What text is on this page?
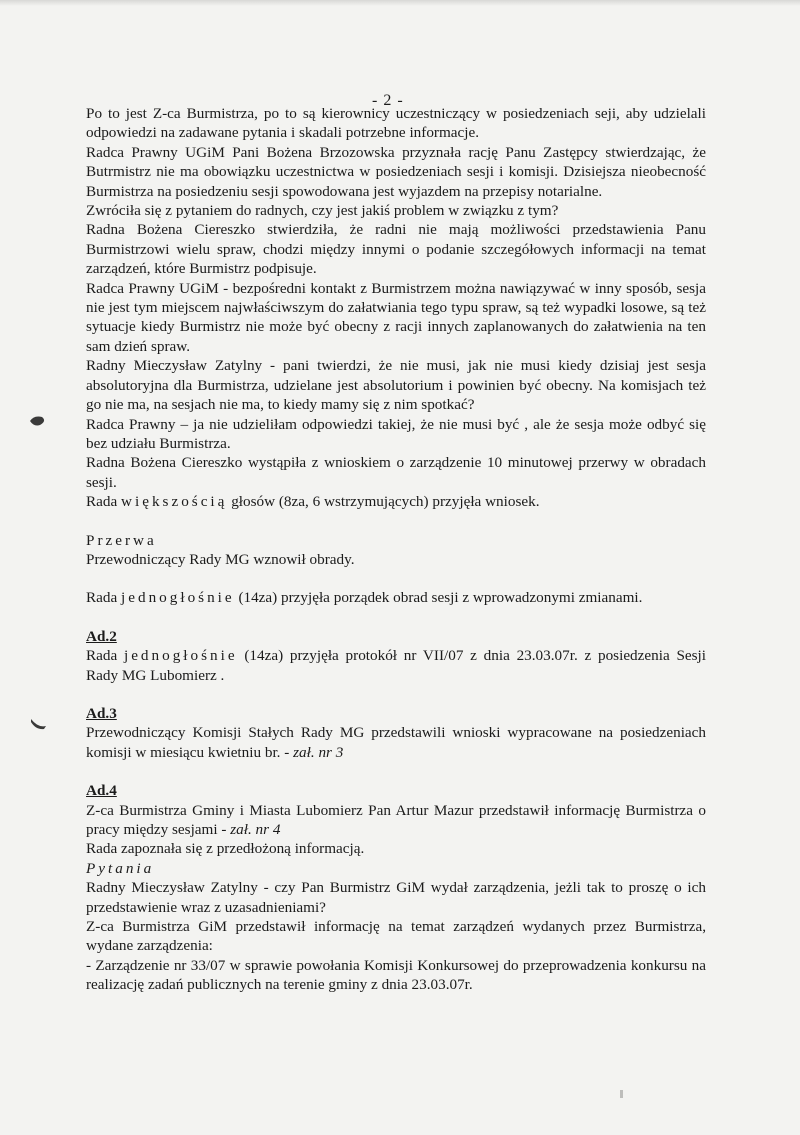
- 2 -

Po to jest Z-ca Burmistrza, po to są kierownicy uczestniczący w posiedzeniach seji, aby udzielali odpowiedzi na zadawane pytania i skadali potrzebne informacje.

Radca Prawny UGiM Pani Bożena Brzozowska przyznała rację Panu Zastępcy stwierdzając, że Butrmistrz nie ma obowiązku uczestnictwa w posiedzeniach sesji i komisji. Dzisiejsza nieobecność Burmistrza na posiedzeniu sesji spowodowana jest wyjazdem na przepisy notarialne.

Zwróciła się z pytaniem do radnych, czy jest jakiś problem w związku z tym?

Radna Bożena Ciereszko stwierdziła, że radni nie mają możliwości przedstawienia Panu Burmistrzowi wielu spraw, chodzi między innymi o podanie szczegółowych informacji na temat zarządzeń, które Burmistrz podpisuje.

Radca Prawny UGiM - bezpośredni kontakt z Burmistrzem można nawiązywać w inny sposób, sesja nie jest tym miejscem najwłaściwszym do załatwiania tego typu spraw, są też wypadki losowe, są też sytuacje kiedy Burmistrz nie może być obecny z racji innych zaplanowanych do załatwienia na ten sam dzień spraw.

Radny Mieczysław Zatylny - pani twierdzi, że nie musi, jak nie musi kiedy dzisiaj jest sesja absolutoryjna dla Burmistrza, udzielane jest absolutorium i powinien być obecny. Na komisjach też go nie ma, na sesjach nie ma, to kiedy mamy się z nim spotkać?

Radca Prawny – ja nie udzieliłam odpowiedzi takiej, że nie musi być , ale że sesja może odbyć się bez udziału Burmistrza.

Radna Bożena Ciereszko wystąpiła z wnioskiem o zarządzenie 10 minutowej przerwy w obradach sesji.

Rada większością głosów (8za, 6 wstrzymujących) przyjęła wniosek.

Przerwa

Przewodniczący Rady MG wznowił obrady.

Rada jednogłośnie (14za) przyjęła porządek obrad sesji z wprowadzonymi zmianami.

Ad.2

Rada jednogłośnie (14za) przyjęła protokół nr VII/07 z dnia 23.03.07r. z posiedzenia Sesji Rady MG Lubomierz .

Ad.3

Przewodniczący Komisji Stałych Rady MG przedstawili wnioski wypracowane na posiedzeniach komisji w miesiącu kwietniu br. - zał. nr 3

Ad.4

Z-ca Burmistrza Gminy i Miasta Lubomierz Pan Artur Mazur przedstawił informację Burmistrza o pracy między sesjami - zał. nr 4

Rada zapoznała się z przedłożoną informacją.

Pytania

Radny Mieczysław Zatylny - czy Pan Burmistrz GiM wydał zarządzenia, jeżli tak to proszę o ich przedstawienie wraz z uzasadnieniami?

Z-ca Burmistrza GiM przedstawił informację na temat zarządzeń wydanych przez Burmistrza, wydane zarządzenia:

- Zarządzenie nr 33/07 w sprawie powołania Komisji Konkursowej do przeprowadzenia konkursu na realizację zadań publicznych na terenie gminy z dnia 23.03.07r.
